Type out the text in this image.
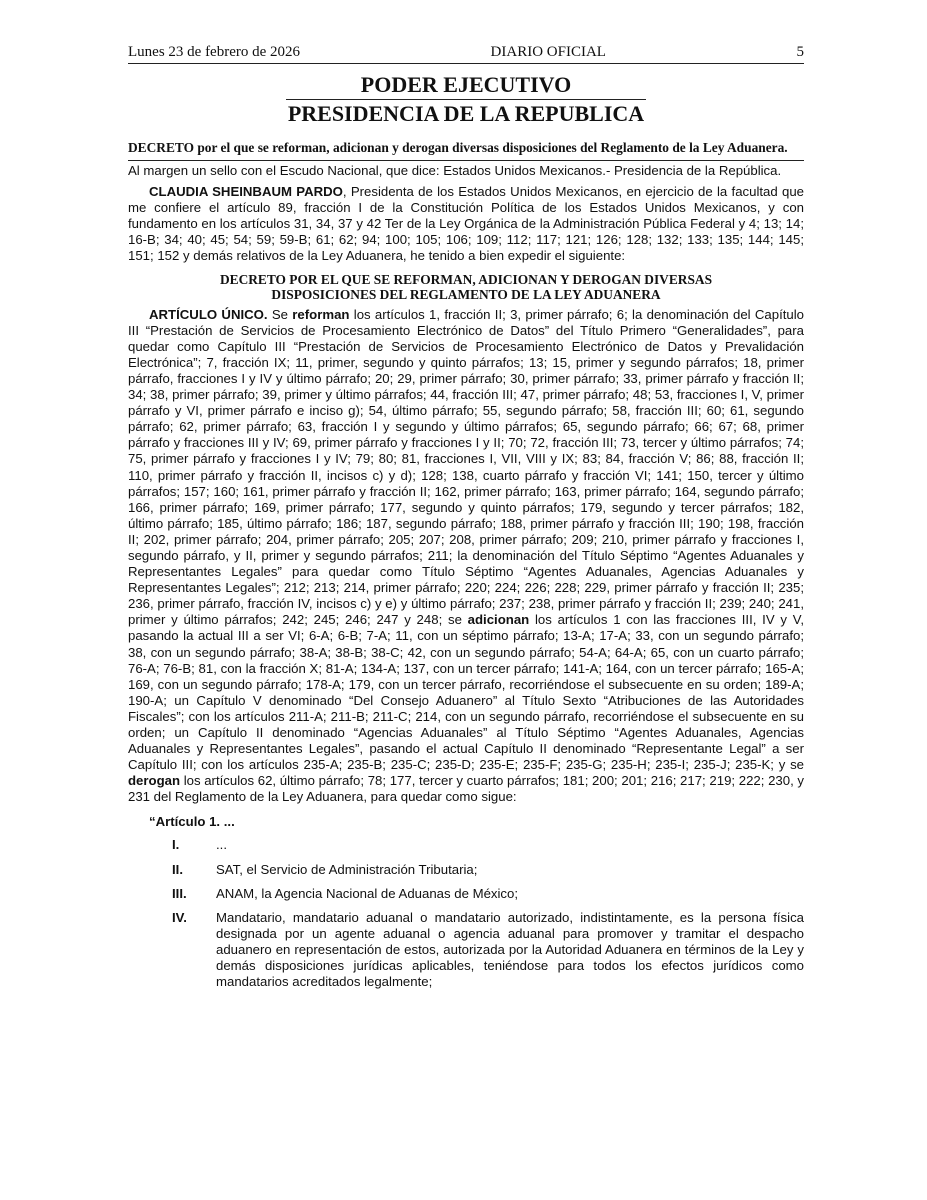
Lunes 23 de febrero de 2026	DIARIO OFICIAL	5
PODER EJECUTIVO
PRESIDENCIA DE LA REPUBLICA
DECRETO por el que se reforman, adicionan y derogan diversas disposiciones del Reglamento de la Ley Aduanera.

Al margen un sello con el Escudo Nacional, que dice: Estados Unidos Mexicanos.- Presidencia de la República.

CLAUDIA SHEINBAUM PARDO, Presidenta de los Estados Unidos Mexicanos, en ejercicio de la facultad que me confiere el artículo 89, fracción I de la Constitución Política de los Estados Unidos Mexicanos, y con fundamento en los artículos 31, 34, 37 y 42 Ter de la Ley Orgánica de la Administración Pública Federal y 4; 13; 14; 16-B; 34; 40; 45; 54; 59; 59-B; 61; 62; 94; 100; 105; 106; 109; 112; 117; 121; 126; 128; 132; 133; 135; 144; 145; 151; 152 y demás relativos de la Ley Aduanera, he tenido a bien expedir el siguiente:

DECRETO POR EL QUE SE REFORMAN, ADICIONAN Y DEROGAN DIVERSAS
DISPOSICIONES DEL REGLAMENTO DE LA LEY ADUANERA

ARTÍCULO ÚNICO. Se reforman los artículos 1, fracción II; 3, primer párrafo; 6; la denominación del Capítulo III “Prestación de Servicios de Procesamiento Electrónico de Datos” del Título Primero “Generalidades”, para quedar como Capítulo III “Prestación de Servicios de Procesamiento Electrónico de Datos y Prevalidación Electrónica”; 7, fracción IX; 11, primer, segundo y quinto párrafos; 13; 15, primer y segundo párrafos; 18, primer párrafo, fracciones I y IV y último párrafo; 20; 29, primer párrafo; 30, primer párrafo; 33, primer párrafo y fracción II; 34; 38, primer párrafo; 39, primer y último párrafos; 44, fracción III; 47, primer párrafo; 48; 53, fracciones I, V, primer párrafo y VI, primer párrafo e inciso g); 54, último párrafo; 55, segundo párrafo; 58, fracción III; 60; 61, segundo párrafo; 62, primer párrafo; 63, fracción I y segundo y último párrafos; 65, segundo párrafo; 66; 67; 68, primer párrafo y fracciones III y IV; 69, primer párrafo y fracciones I y II; 70; 72, fracción III; 73, tercer y último párrafos; 74; 75, primer párrafo y fracciones I y IV; 79; 80; 81, fracciones I, VII, VIII y IX; 83; 84, fracción V; 86; 88, fracción II; 110, primer párrafo y fracción II, incisos c) y d); 128; 138, cuarto párrafo y fracción VI; 141; 150, tercer y último párrafos; 157; 160; 161, primer párrafo y fracción II; 162, primer párrafo; 163, primer párrafo; 164, segundo párrafo; 166, primer párrafo; 169, primer párrafo; 177, segundo y quinto párrafos; 179, segundo y tercer párrafos; 182, último párrafo; 185, último párrafo; 186; 187, segundo párrafo; 188, primer párrafo y fracción III; 190; 198, fracción II; 202, primer párrafo; 204, primer párrafo; 205; 207; 208, primer párrafo; 209; 210, primer párrafo y fracciones I, segundo párrafo, y II, primer y segundo párrafos; 211; la denominación del Título Séptimo “Agentes Aduanales y Representantes Legales” para quedar como Título Séptimo “Agentes Aduanales, Agencias Aduanales y Representantes Legales”; 212; 213; 214, primer párrafo; 220; 224; 226; 228; 229, primer párrafo y fracción II; 235; 236, primer párrafo, fracción IV, incisos c) y e) y último párrafo; 237; 238, primer párrafo y fracción II; 239; 240; 241, primer y último párrafos; 242; 245; 246; 247 y 248; se adicionan los artículos 1 con las fracciones III, IV y V, pasando la actual III a ser VI; 6-A; 6-B; 7-A; 11, con un séptimo párrafo; 13-A; 17-A; 33, con un segundo párrafo; 38, con un segundo párrafo; 38-A; 38-B; 38-C; 42, con un segundo párrafo; 54-A; 64-A; 65, con un cuarto párrafo; 76-A; 76-B; 81, con la fracción X; 81-A; 134-A; 137, con un tercer párrafo; 141-A; 164, con un tercer párrafo; 165-A; 169, con un segundo párrafo; 178-A; 179, con un tercer párrafo, recorriéndose el subsecuente en su orden; 189-A; 190-A; un Capítulo V denominado “Del Consejo Aduanero” al Título Sexto “Atribuciones de las Autoridades Fiscales”; con los artículos 211-A; 211-B; 211-C; 214, con un segundo párrafo, recorriéndose el subsecuente en su orden; un Capítulo II denominado “Agencias Aduanales” al Título Séptimo “Agentes Aduanales, Agencias Aduanales y Representantes Legales”, pasando el actual Capítulo II denominado “Representante Legal” a ser Capítulo III; con los artículos 235-A; 235-B; 235-C; 235-D; 235-E; 235-F; 235-G; 235-H; 235-I; 235-J; 235-K; y se derogan los artículos 62, último párrafo; 78; 177, tercer y cuarto párrafos; 181; 200; 201; 216; 217; 219; 222; 230, y 231 del Reglamento de la Ley Aduanera, para quedar como sigue:

“Artículo 1. ...
I.	...
II.	SAT, el Servicio de Administración Tributaria;
III.	ANAM, la Agencia Nacional de Aduanas de México;
IV.	Mandatario, mandatario aduanal o mandatario autorizado, indistintamente, es la persona física designada por un agente aduanal o agencia aduanal para promover y tramitar el despacho aduanero en representación de estos, autorizada por la Autoridad Aduanera en términos de la Ley y demás disposiciones jurídicas aplicables, teniéndose para todos los efectos jurídicos como mandatarios acreditados legalmente;
